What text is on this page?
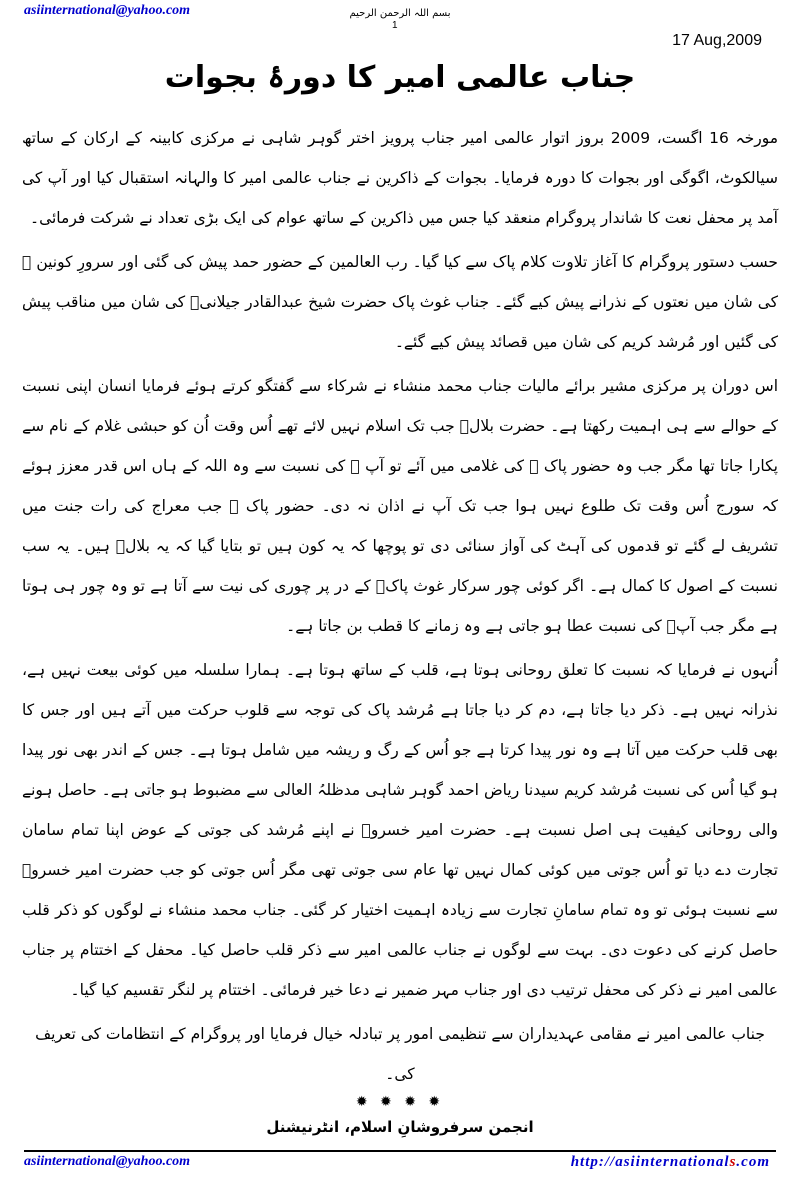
asiinternational@yahoo.com	بسم اللہ الرحمن الرحیم
1
17 Aug,2009
جناب عالمی امیر کا دورۂ بجوات

مورخہ 16 اگست، 2009 بروز اتوار عالمی امیر جناب پرویز اختر گوہر شاہی نے مرکزی کابینہ کے ارکان کے ساتھ سیالکوٹ، اگوگی اور بجوات کا دورہ فرمایا۔ بجوات کے ذاکرین نے جناب عالمی امیر کا والہانہ استقبال کیا اور آپ کی آمد پر محفل نعت کا شاندار پروگرام منعقد کیا جس میں ذاکرین کے ساتھ عوام کی ایک بڑی تعداد نے شرکت فرمائی۔

حسب دستور پروگرام کا آغاز تلاوت کلام پاک سے کیا گیا۔ رب العالمین کے حضور حمد پیش کی گئی اور سرورِ کونین ﷺ کی شان میں نعتوں کے نذرانے پیش کیے گئے۔ جناب غوث پاک حضرت شیخ عبدالقادر جیلانیؒ کی شان میں مناقب پیش کی گئیں اور مُرشد کریم کی شان میں قصائد پیش کیے گئے۔

اس دوران پر مرکزی مشیر برائے مالیات جناب محمد منشاء نے شرکاء سے گفتگو کرتے ہوئے فرمایا انسان اپنی نسبت کے حوالے سے ہی اہمیت رکھتا ہے۔ حضرت بلالؓ جب تک اسلام نہیں لائے تھے اُس وقت اُن کو حبشی غلام کے نام سے پکارا جاتا تھا مگر جب وہ حضور پاک ﷺ کی غلامی میں آئے تو آپ ﷺ کی نسبت سے وہ اللہ کے ہاں اس قدر معزز ہوئے کہ سورج اُس وقت تک طلوع نہیں ہوا جب تک آپ نے اذان نہ دی۔ حضور پاک ﷺ جب معراج کی رات جنت میں تشریف لے گئے تو قدموں کی آہٹ کی آواز سنائی دی تو پوچھا کہ یہ کون ہیں تو بتایا گیا کہ یہ بلالؓ ہیں۔ یہ سب نسبت کے اصول کا کمال ہے۔ اگر کوئی چور سرکار غوث پاکؓ کے در پر چوری کی نیت سے آتا ہے تو وہ چور ہی ہوتا ہے مگر جب آپؓ کی نسبت عطا ہو جاتی ہے وہ زمانے کا قطب بن جاتا ہے۔

اُنہوں نے فرمایا کہ نسبت کا تعلق روحانی ہوتا ہے، قلب کے ساتھ ہوتا ہے۔ ہمارا سلسلہ میں کوئی بیعت نہیں ہے، نذرانہ نہیں ہے۔ ذکر دیا جاتا ہے، دم کر دیا جاتا ہے مُرشد پاک کی توجہ سے قلوب حرکت میں آتے ہیں اور جس کا بھی قلب حرکت میں آتا ہے وہ نور پیدا کرتا ہے جو اُس کے رگ و ریشہ میں شامل ہوتا ہے۔ جس کے اندر بھی نور پیدا ہو گیا اُس کی نسبت مُرشد کریم سیدنا ریاض احمد گوہر شاہی مدظلہُ العالی سے مضبوط ہو جاتی ہے۔ حاصل ہونے والی روحانی کیفیت ہی اصل نسبت ہے۔ حضرت امیر خسروؒ نے اپنے مُرشد کی جوتی کے عوض اپنا تمام سامان تجارت دے دیا تو اُس جوتی میں کوئی کمال نہیں تھا عام سی جوتی تھی مگر اُس جوتی کو جب حضرت امیر خسروؒ سے نسبت ہوئی تو وہ تمام سامانِ تجارت سے زیادہ اہمیت اختیار کر گئی۔ جناب محمد منشاء نے لوگوں کو ذکر قلب حاصل کرنے کی دعوت دی۔ بہت سے لوگوں نے جناب عالمی امیر سے ذکر قلب حاصل کیا۔ محفل کے اختتام پر جناب عالمی امیر نے ذکر کی محفل ترتیب دی اور جناب مہر ضمیر نے دعا خیر فرمائی۔ اختتام پر لنگر تقسیم کیا گیا۔

جناب عالمی امیر نے مقامی عہدیداران سے تنظیمی امور پر تبادلہ خیال فرمایا اور پروگرام کے انتظامات کی تعریف کی۔

✹ ✹ ✹ ✹
انجمن سرفروشانِ اسلام، انٹرنیشنل
asiinternational@yahoo.com	http://asiinternationals.com
